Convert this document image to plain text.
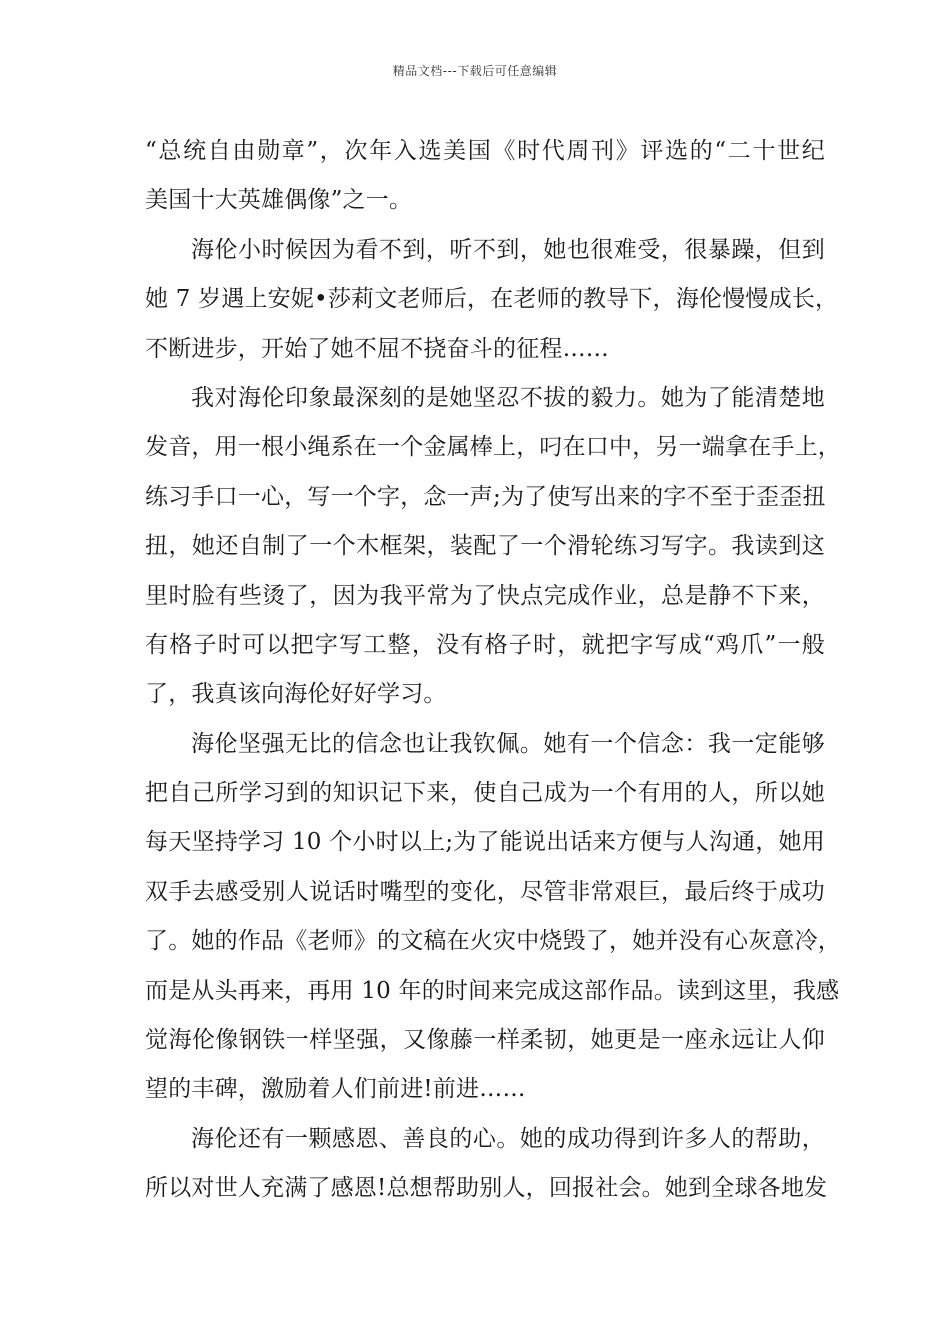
精品文档---下载后可任意编辑
“总统自由勋章”，次年入选美国《时代周刊》评选的“二十世纪
美国十大英雄偶像”之一。
海伦小时候因为看不到，听不到，她也很难受，很暴躁，但到
她 7 岁遇上安妮•莎莉文老师后，在老师的教导下，海伦慢慢成长，
不断进步，开始了她不屈不挠奋斗的征程……
我对海伦印象最深刻的是她坚忍不拔的毅力。她为了能清楚地
发音，用一根小绳系在一个金属棒上，叼在口中，另一端拿在手上，
练习手口一心，写一个字，念一声;为了使写出来的字不至于歪歪扭
扭，她还自制了一个木框架，装配了一个滑轮练习写字。我读到这
里时脸有些烫了，因为我平常为了快点完成作业，总是静不下来，
有格子时可以把字写工整，没有格子时，就把字写成“鸡爪”一般
了，我真该向海伦好好学习。
海伦坚强无比的信念也让我钦佩。她有一个信念：我一定能够
把自己所学习到的知识记下来，使自己成为一个有用的人，所以她
每天坚持学习 10 个小时以上;为了能说出话来方便与人沟通，她用
双手去感受别人说话时嘴型的变化，尽管非常艰巨，最后终于成功
了。她的作品《老师》的文稿在火灾中烧毁了，她并没有心灰意冷，
而是从头再来，再用 10 年的时间来完成这部作品。读到这里，我感
觉海伦像钢铁一样坚强，又像藤一样柔韧，她更是一座永远让人仰
望的丰碑，激励着人们前进!前进……
海伦还有一颗感恩、善良的心。她的成功得到许多人的帮助，
所以对世人充满了感恩!总想帮助别人，回报社会。她到全球各地发
